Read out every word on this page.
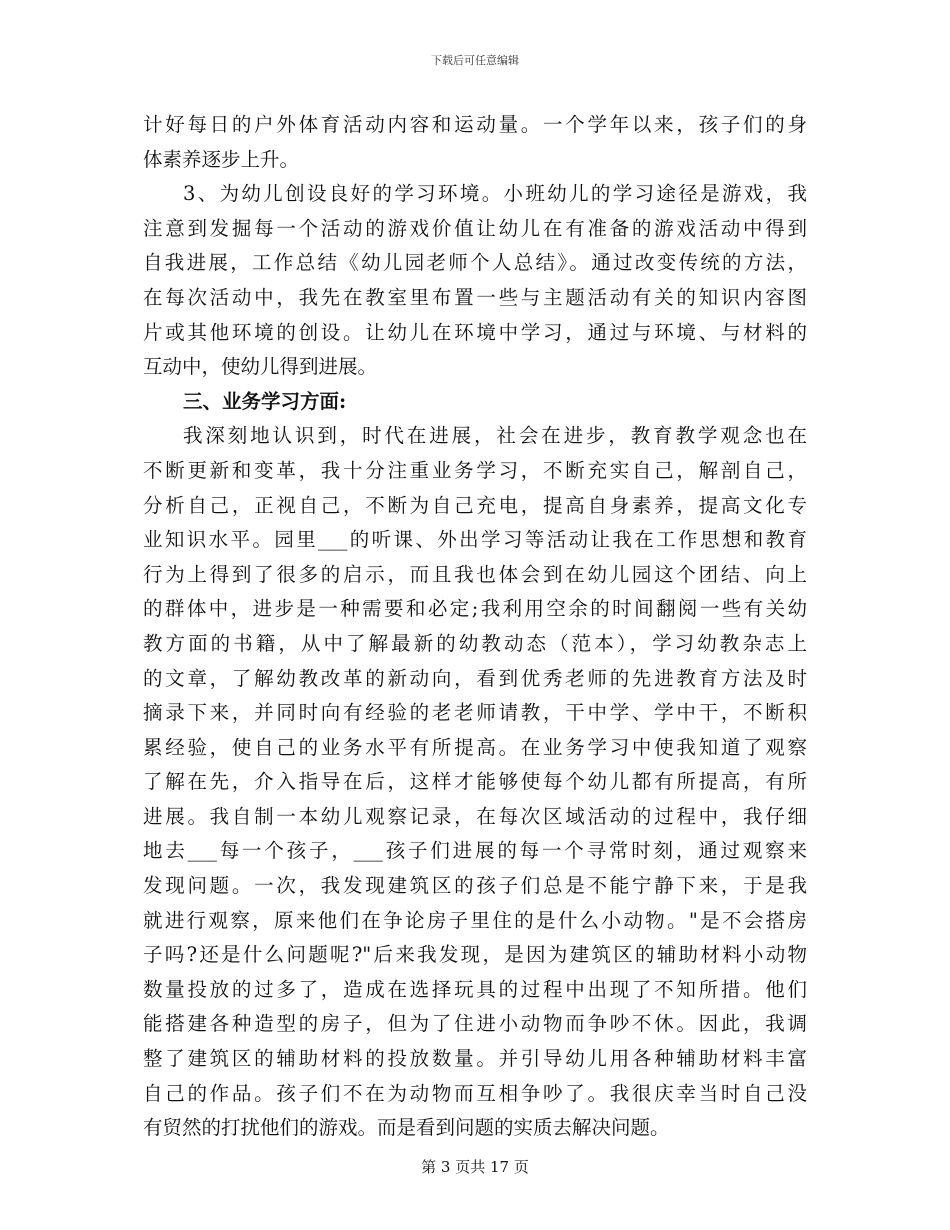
下载后可任意编辑
计好每日的户外体育活动内容和运动量。一个学年以来，孩子们的身
体素养逐步上升。
3、为幼儿创设良好的学习环境。小班幼儿的学习途径是游戏，我
注意到发掘每一个活动的游戏价值让幼儿在有准备的游戏活动中得到
自我进展，工作总结《幼儿园老师个人总结》。通过改变传统的方法，
在每次活动中，我先在教室里布置一些与主题活动有关的知识内容图
片或其他环境的创设。让幼儿在环境中学习，通过与环境、与材料的
互动中，使幼儿得到进展。
三、业务学习方面:
我深刻地认识到，时代在进展，社会在进步，教育教学观念也在
不断更新和变革，我十分注重业务学习，不断充实自己，解剖自己，
分析自己，正视自己，不断为自己充电，提高自身素养，提高文化专
业知识水平。园里___的听课、外出学习等活动让我在工作思想和教育
行为上得到了很多的启示，而且我也体会到在幼儿园这个团结、向上
的群体中，进步是一种需要和必定;我利用空余的时间翻阅一些有关幼
教方面的书籍，从中了解最新的幼教动态（范本），学习幼教杂志上
的文章，了解幼教改革的新动向，看到优秀老师的先进教育方法及时
摘录下来，并同时向有经验的老老师请教，干中学、学中干，不断积
累经验，使自己的业务水平有所提高。在业务学习中使我知道了观察
了解在先，介入指导在后，这样才能够使每个幼儿都有所提高，有所
进展。我自制一本幼儿观察记录，在每次区域活动的过程中，我仔细
地去___每一个孩子，___孩子们进展的每一个寻常时刻，通过观察来
发现问题。一次，我发现建筑区的孩子们总是不能宁静下来，于是我
就进行观察，原来他们在争论房子里住的是什么小动物。"是不会搭房
子吗?还是什么问题呢?"后来我发现，是因为建筑区的辅助材料小动物
数量投放的过多了，造成在选择玩具的过程中出现了不知所措。他们
能搭建各种造型的房子，但为了住进小动物而争吵不休。因此，我调
整了建筑区的辅助材料的投放数量。并引导幼儿用各种辅助材料丰富
自己的作品。孩子们不在为动物而互相争吵了。我很庆幸当时自己没
有贸然的打扰他们的游戏。而是看到问题的实质去解决问题。
第 3 页共 17 页
